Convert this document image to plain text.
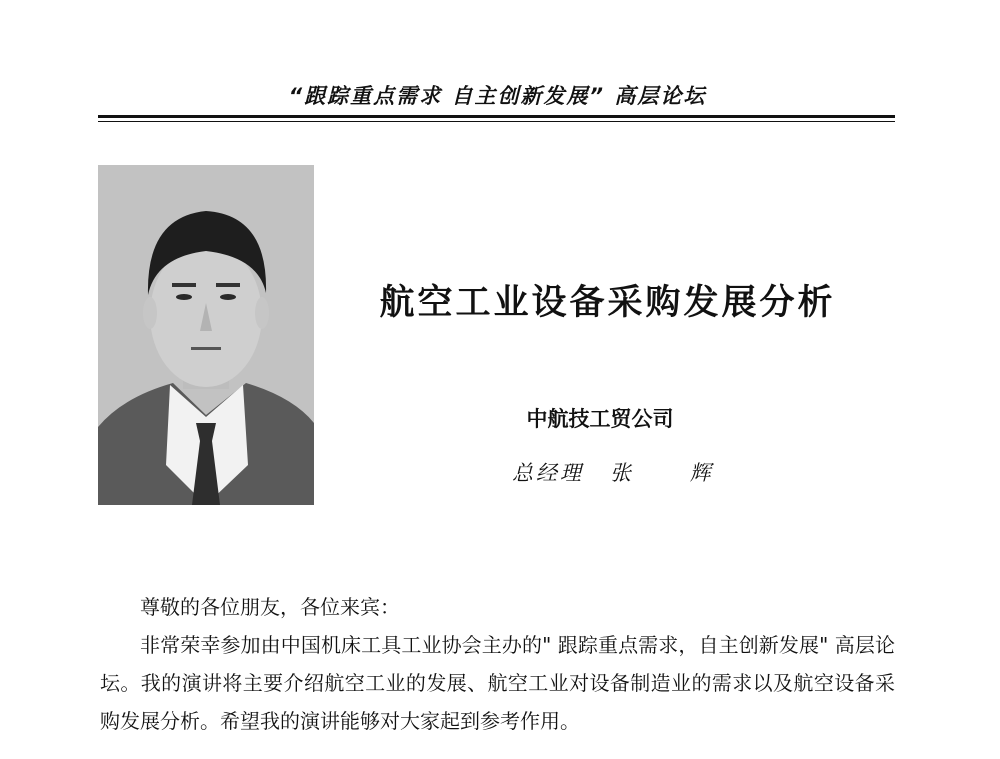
“跟踪重点需求 自主创新发展” 高层论坛
航空工业设备采购发展分析
中航技工贸公司
总经理 张 辉

尊敬的各位朋友，各位来宾：

非常荣幸参加由中国机床工具工业协会主办的" 跟踪重点需求，自主创新发展" 高层论坛。我的演讲将主要介绍航空工业的发展、航空工业对设备制造业的需求以及航空设备采购发展分析。希望我的演讲能够对大家起到参考作用。
